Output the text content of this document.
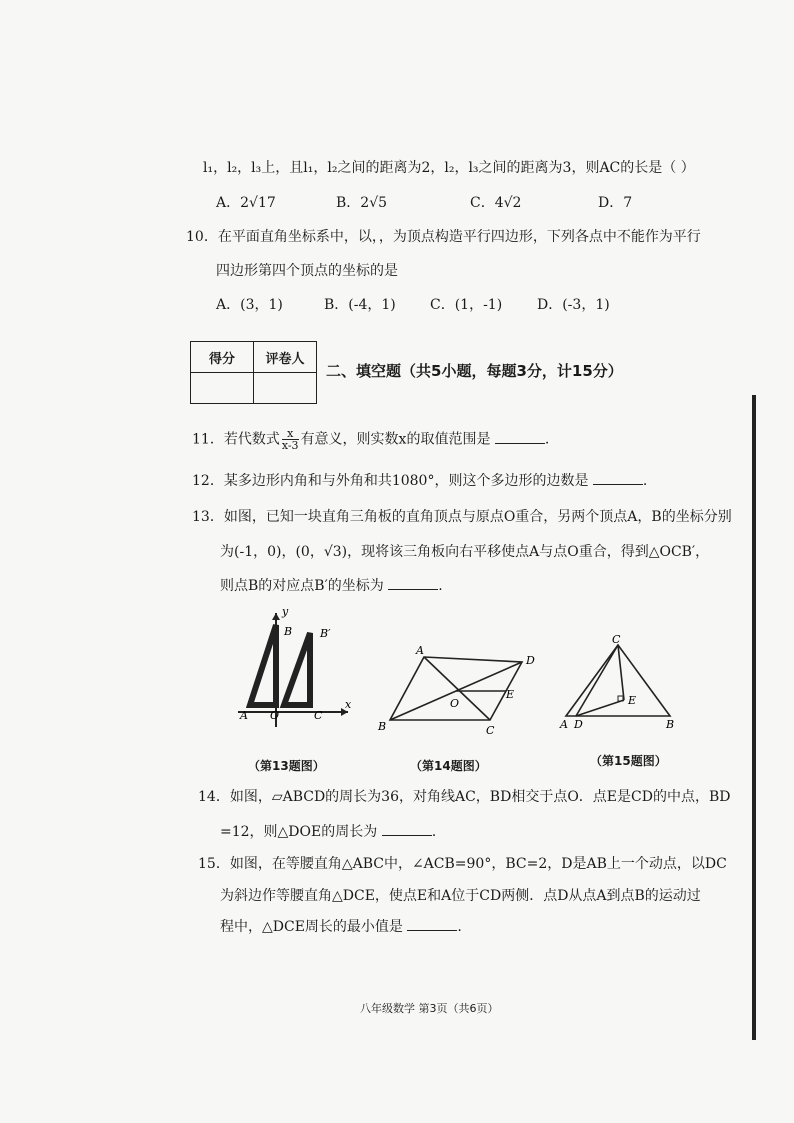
l₁，l₂，l₃上，且l₁，l₂之间的距离为2，l₂，l₃之间的距离为3，则AC的长是（ ）
A．2√17	B．2√5	C．4√2	D．7
10．在平面直角坐标系中，以，，为顶点构造平行四边形，下列各点中不能作为平行
四边形第四个顶点的坐标的是
A．(3，1)	B．(-4，1) C．(1，-1) D．(-3，1)
得分	评卷人

二、填空题（共5小题，每题3分，计15分）
11．若代数式 $\frac{x}{x-3}$ 有意义，则实数x的取值范围是	.
12．某多边形内角和与外角和共1080°，则这个多边形的边数是	.
13．如图，已知一块直角三角板的直角顶点与原点O重合，另两个顶点A，B的坐标分别
为(-1，0)，(0，√3)，现将该三角板向右平移使点A与点O重合，得到△OCB′，
则点B的对应点B′的坐标为	.
y
x
B	B′
A O	C
（第13题图）
A
D
O
E
B	C
（第14题图）
C
E
A D	B
（第15题图）
14．如图，▱ABCD的周长为36，对角线AC，BD相交于点O．点E是CD的中点，BD
=12，则△DOE的周长为	.
15．如图，在等腰直角△ABC中，∠ACB=90°，BC=2，D是AB上一个动点，以DC
为斜边作等腰直角△DCE，使点E和A位于CD两侧．点D从点A到点B的运动过
程中，△DCE周长的最小值是	.
八年级数学 第3页（共6页）
